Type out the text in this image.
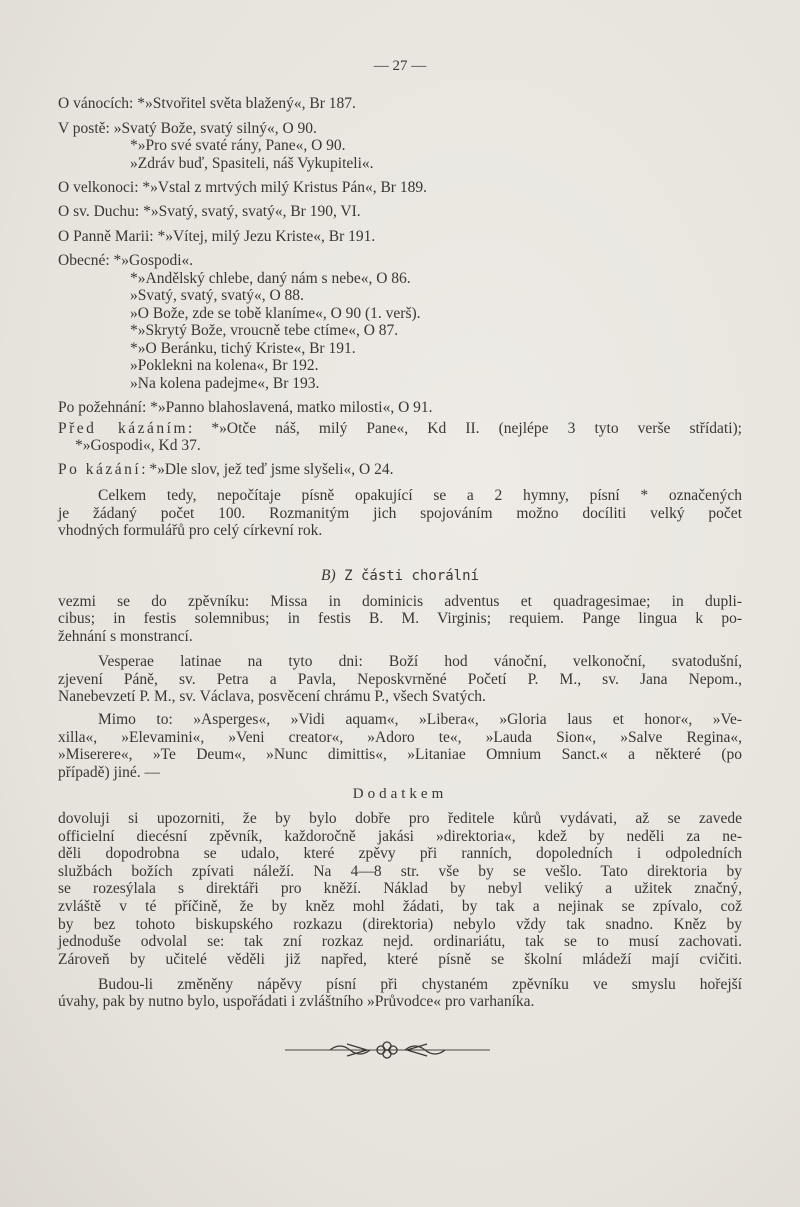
— 27 —
O vánocích: *»Stvořitel světa blažený«, Br 187.
V postě: »Svatý Bože, svatý silný«, O 90.
*»Pro své svaté rány, Pane«, O 90.
»Zdráv buď, Spasiteli, náš Vykupiteli«.
O velkonoci: *»Vstal z mrtvých milý Kristus Pán«, Br 189.
O sv. Duchu: *»Svatý, svatý, svatý«, Br 190, VI.
O Panně Marii: *»Vítej, milý Jezu Kriste«, Br 191.
Obecné: *»Gospodi«.
*»Andělský chlebe, daný nám s nebe«, O 86.
»Svatý, svatý, svatý«, O 88.
»O Bože, zde se tobě klaníme«, O 90 (1. verš).
*»Skrytý Bože, vroucně tebe ctíme«, O 87.
*»O Beránku, tichý Kriste«, Br 191.
»Poklekni na kolena«, Br 192.
»Na kolena padejme«, Br 193.
Po požehnání: *»Panno blahoslavená, matko milosti«, O 91.
Před kázáním: *»Otče náš, milý Pane«, Kd II. (nejlépe 3 tyto verše střídati);
*»Gospodi«, Kd 37.
Po kázání: *»Dle slov, jež teď jsme slyšeli«, O 24.
Celkem tedy, nepočítaje písně opakující se a 2 hymny, písní * označených
je žádaný počet 100. Rozmanitým jich spojováním možno docíliti velký počet
vhodných formulářů pro celý církevní rok.
B) Z části chorální
vezmi se do zpěvníku: Missa in dominicis adventus et quadragesimae; in dupli-
cibus; in festis solemnibus; in festis B. M. Virginis; requiem. Pange lingua k po-
žehnání s monstrancí.
Vesperae latinae na tyto dni: Boží hod vánoční, velkonoční, svatodušní,
zjevení Páně, sv. Petra a Pavla, Neposkvrněné Početí P. M., sv. Jana Nepom.,
Nanebevzetí P. M., sv. Václava, posvěcení chrámu P., všech Svatých.
Mimo to: »Asperges«, »Vidi aquam«, »Libera«, »Gloria laus et honor«, »Ve-
xilla«, »Elevamini«, »Veni creator«, »Adoro te«, »Lauda Sion«, »Salve Regina«,
»Miserere«, »Te Deum«, »Nunc dimittis«, »Litaniae Omnium Sanct.« a některé (po
případě) jiné. —
Dodatkem
dovoluji si upozorniti, že by bylo dobře pro ředitele kůrů vydávati, až se zavede
officielní diecésní zpěvník, každoročně jakási »direktoria«, kdež by neděli za ne-
děli dopodrobna se udalo, které zpěvy při ranních, dopoledních i odpoledních
službách božích zpívati náleží. Na 4—8 str. vše by se vešlo. Tato direktoria by
se rozesýlala s direktáři pro kněží. Náklad by nebyl veliký a užitek značný,
zvláště v té příčině, že by kněz mohl žádati, by tak a nejinak se zpívalo, což
by bez tohoto biskupského rozkazu (direktoria) nebylo vždy tak snadno. Kněz by
jednoduše odvolal se: tak zní rozkaz nejd. ordinariátu, tak se to musí zachovati.
Zároveň by učitelé věděli již napřed, které písně se školní mládeží mají cvičiti.
Budou-li změněny nápěvy písní při chystaném zpěvníku ve smyslu hořejší
úvahy, pak by nutno bylo, uspořádati i zvláštního »Průvodce« pro varhaníka.
